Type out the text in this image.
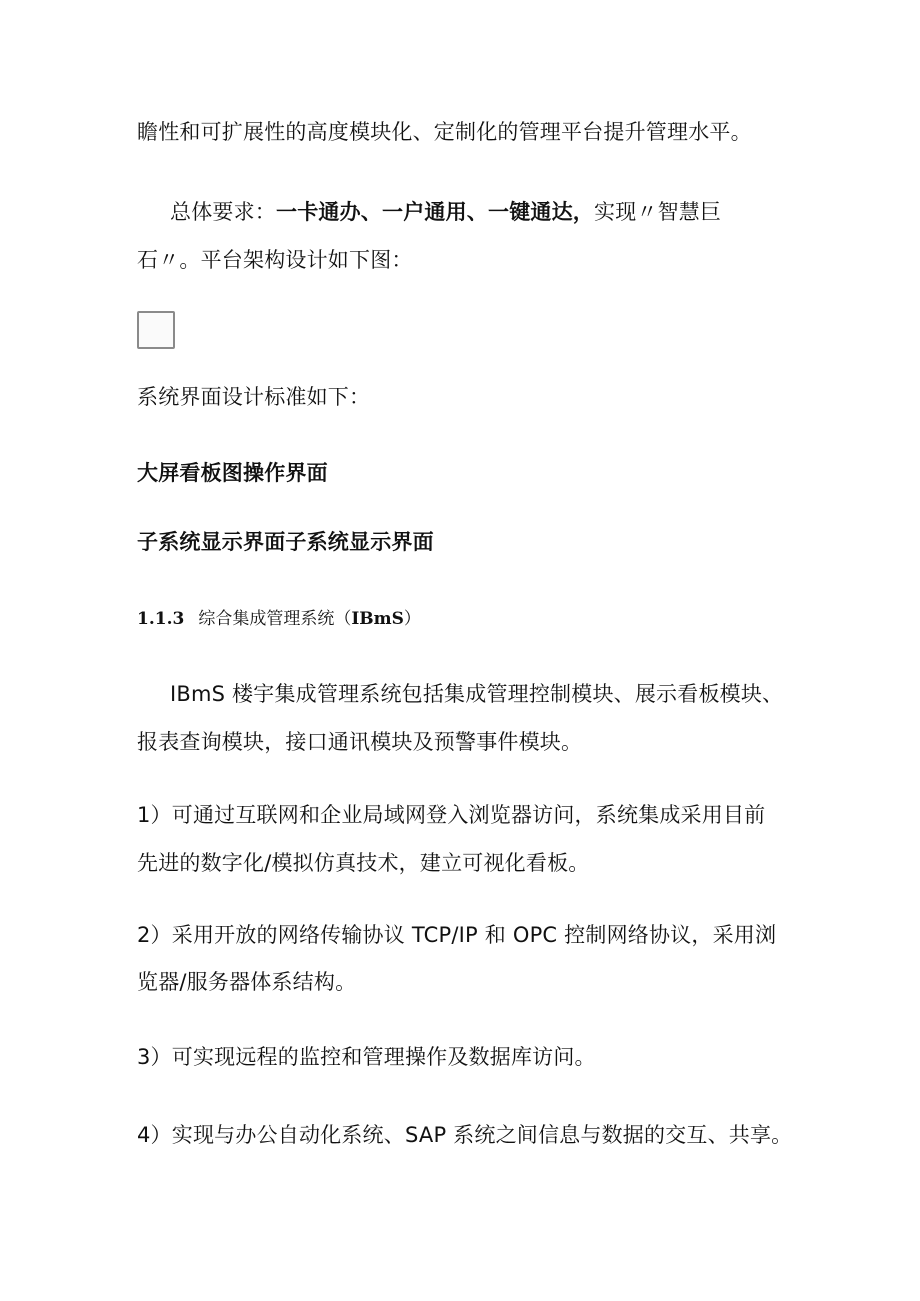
瞻性和可扩展性的高度模块化、定制化的管理平台提升管理水平。
总体要求：一卡通办、一户通用、一键通达，实现〃智慧巨
石〃。平台架构设计如下图：
系统界面设计标准如下：
大屏看板图操作界面
子系统显示界面子系统显示界面
1.1.3 综合集成管理系统（IBmS）
IBmS 楼宇集成管理系统包括集成管理控制模块、展示看板模块、
报表查询模块，接口通讯模块及预警事件模块。
1）可通过互联网和企业局域网登入浏览器访问，系统集成采用目前
先进的数字化/模拟仿真技术，建立可视化看板。
2）采用开放的网络传输协议 TCP/IP 和 OPC 控制网络协议，采用浏
览器/服务器体系结构。
3）可实现远程的监控和管理操作及数据库访问。
4）实现与办公自动化系统、SAP 系统之间信息与数据的交互、共享。
